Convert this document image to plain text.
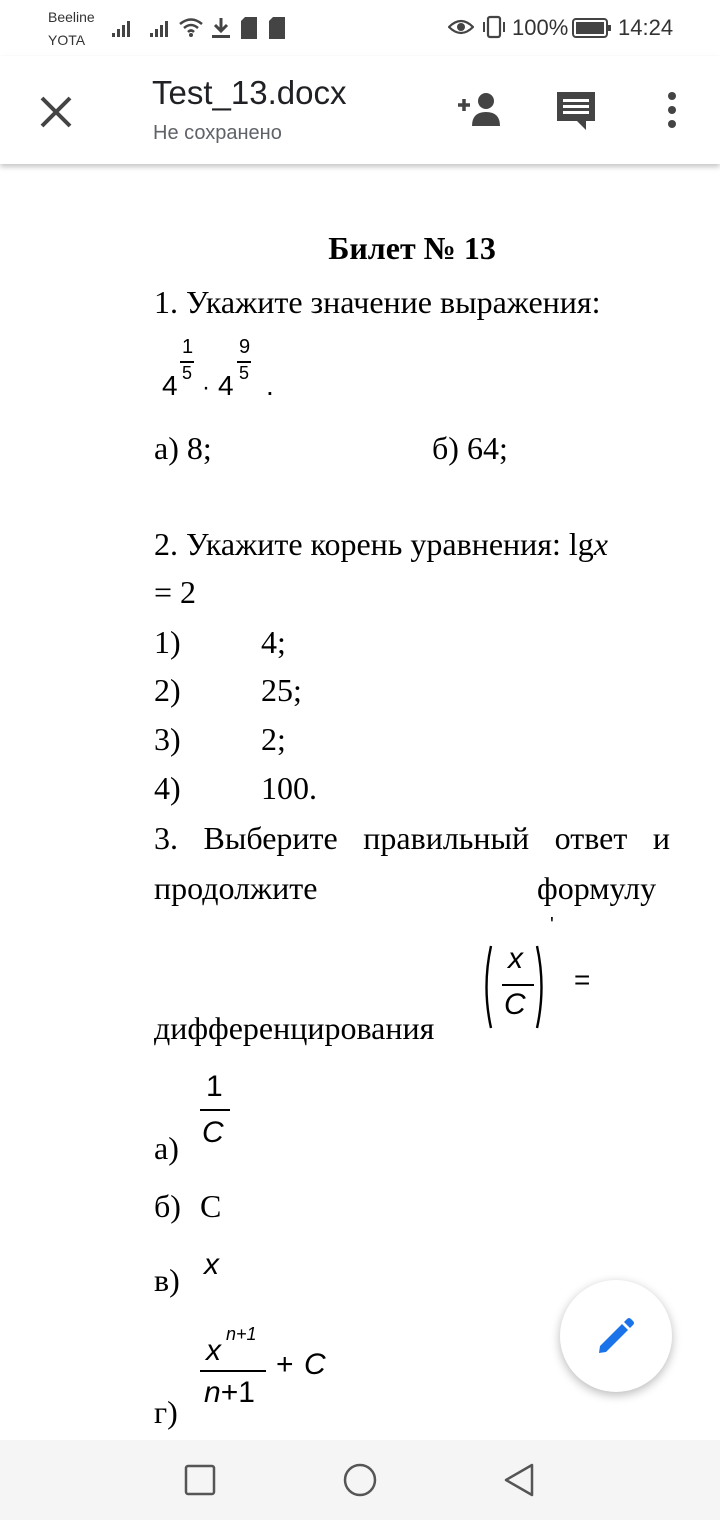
Beeline
YOTA	100% 14:24
Test_13.docx
Не сохранено
Билет № 13
1. Укажите значение выражения:
4
1
5
· 4
9
5 .
а) 8;	б) 64;
2. Укажите корень уравнения: lgx
= 2
1)	4;
2)	25;
3)	2;
4)	100.
3. Выберите правильный ответ и
продолжите	формулу
дифференцирования
x
C
'
=
а)
1
C
б) C
в) x
г)
x n+1
n+1
+ C
